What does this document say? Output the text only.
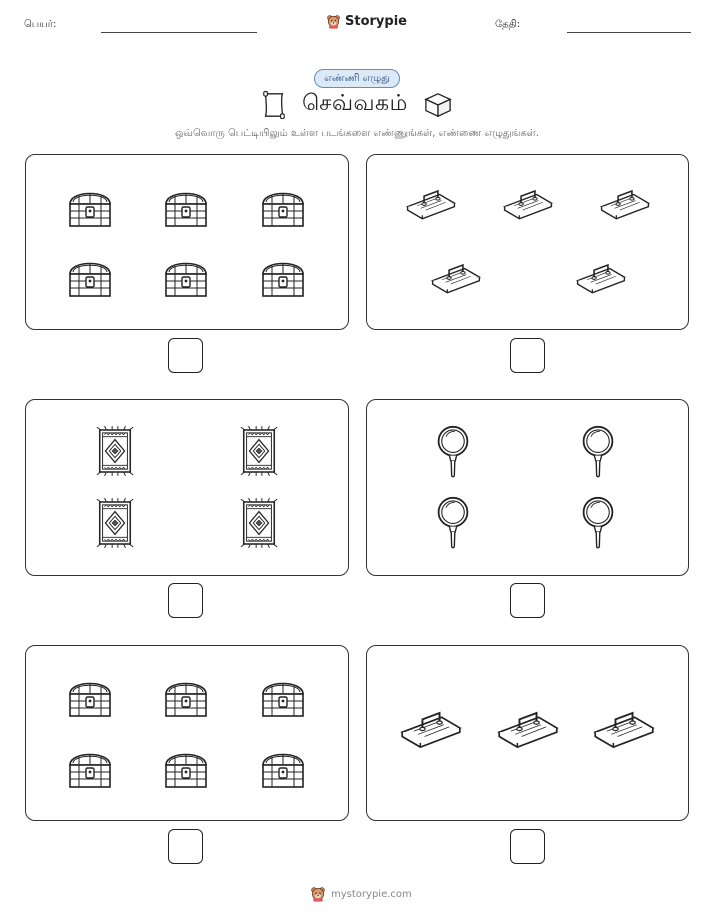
பெயர்:	Storypie	தேதி:
எண்ணி எழுது
செவ்வகம்
ஒவ்வொரு பெட்டியிலும் உள்ள படங்களை எண்ணுங்கள், எண்ணை எழுதுங்கள்.
mystorypie.com
